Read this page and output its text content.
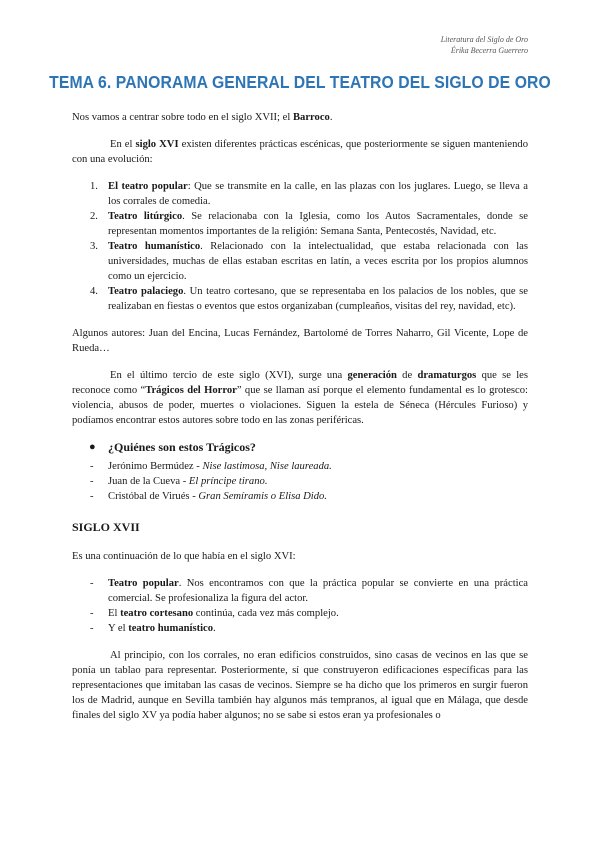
Literatura del Siglo de Oro
Érika Becerra Guerrero
TEMA 6. PANORAMA GENERAL DEL TEATRO DEL SIGLO DE ORO

Nos vamos a centrar sobre todo en el siglo XVII; el Barroco.

En el siglo XVI existen diferentes prácticas escénicas, que posteriormente se siguen manteniendo con una evolución:

1. El teatro popular: Que se transmite en la calle, en las plazas con los juglares. Luego, se lleva a los corrales de comedia.
2. Teatro litúrgico. Se relacionaba con la Iglesia, como los Autos Sacramentales, donde se representan momentos importantes de la religión: Semana Santa, Pentecostés, Navidad, etc.
3. Teatro humanístico. Relacionado con la intelectualidad, que estaba relacionada con las universidades, muchas de ellas estaban escritas en latín, a veces escrita por los propios alumnos como un ejercicio.
4. Teatro palaciego. Un teatro cortesano, que se representaba en los palacios de los nobles, que se realizaban en fiestas o eventos que estos organizaban (cumpleaños, visitas del rey, navidad, etc).

Algunos autores: Juan del Encina, Lucas Fernández, Bartolomé de Torres Naharro, Gil Vicente, Lope de Rueda…

En el último tercio de este siglo (XVI), surge una generación de dramaturgos que se les reconoce como “Trágicos del Horror” que se llaman así porque el elemento fundamental es lo grotesco: violencia, abusos de poder, muertes o violaciones. Siguen la estela de Séneca (Hércules Furioso) y podíamos encontrar estos autores sobre todo en las zonas periféricas.

● ¿Quiénes son estos Trágicos?
- Jerónimo Bermúdez - Nise lastimosa, Nise laureada.
- Juan de la Cueva - El príncipe tirano.
- Cristóbal de Virués - Gran Semíramis o Elisa Dido.

SIGLO XVII

Es una continuación de lo que había en el siglo XVI:

- Teatro popular. Nos encontramos con que la práctica popular se convierte en una práctica comercial. Se profesionaliza la figura del actor.
- El teatro cortesano continúa, cada vez más complejo.
- Y el teatro humanístico.

Al principio, con los corrales, no eran edificios construidos, sino casas de vecinos en las que se ponía un tablao para representar. Posteriormente, sí que construyeron edificaciones específicas para las representaciones que imitaban las casas de vecinos. Siempre se ha dicho que los primeros en surgir fueron los de Madrid, aunque en Sevilla también hay algunos más tempranos, al igual que en Málaga, que desde finales del siglo XV ya podía haber algunos; no se sabe si estos eran ya profesionales o
